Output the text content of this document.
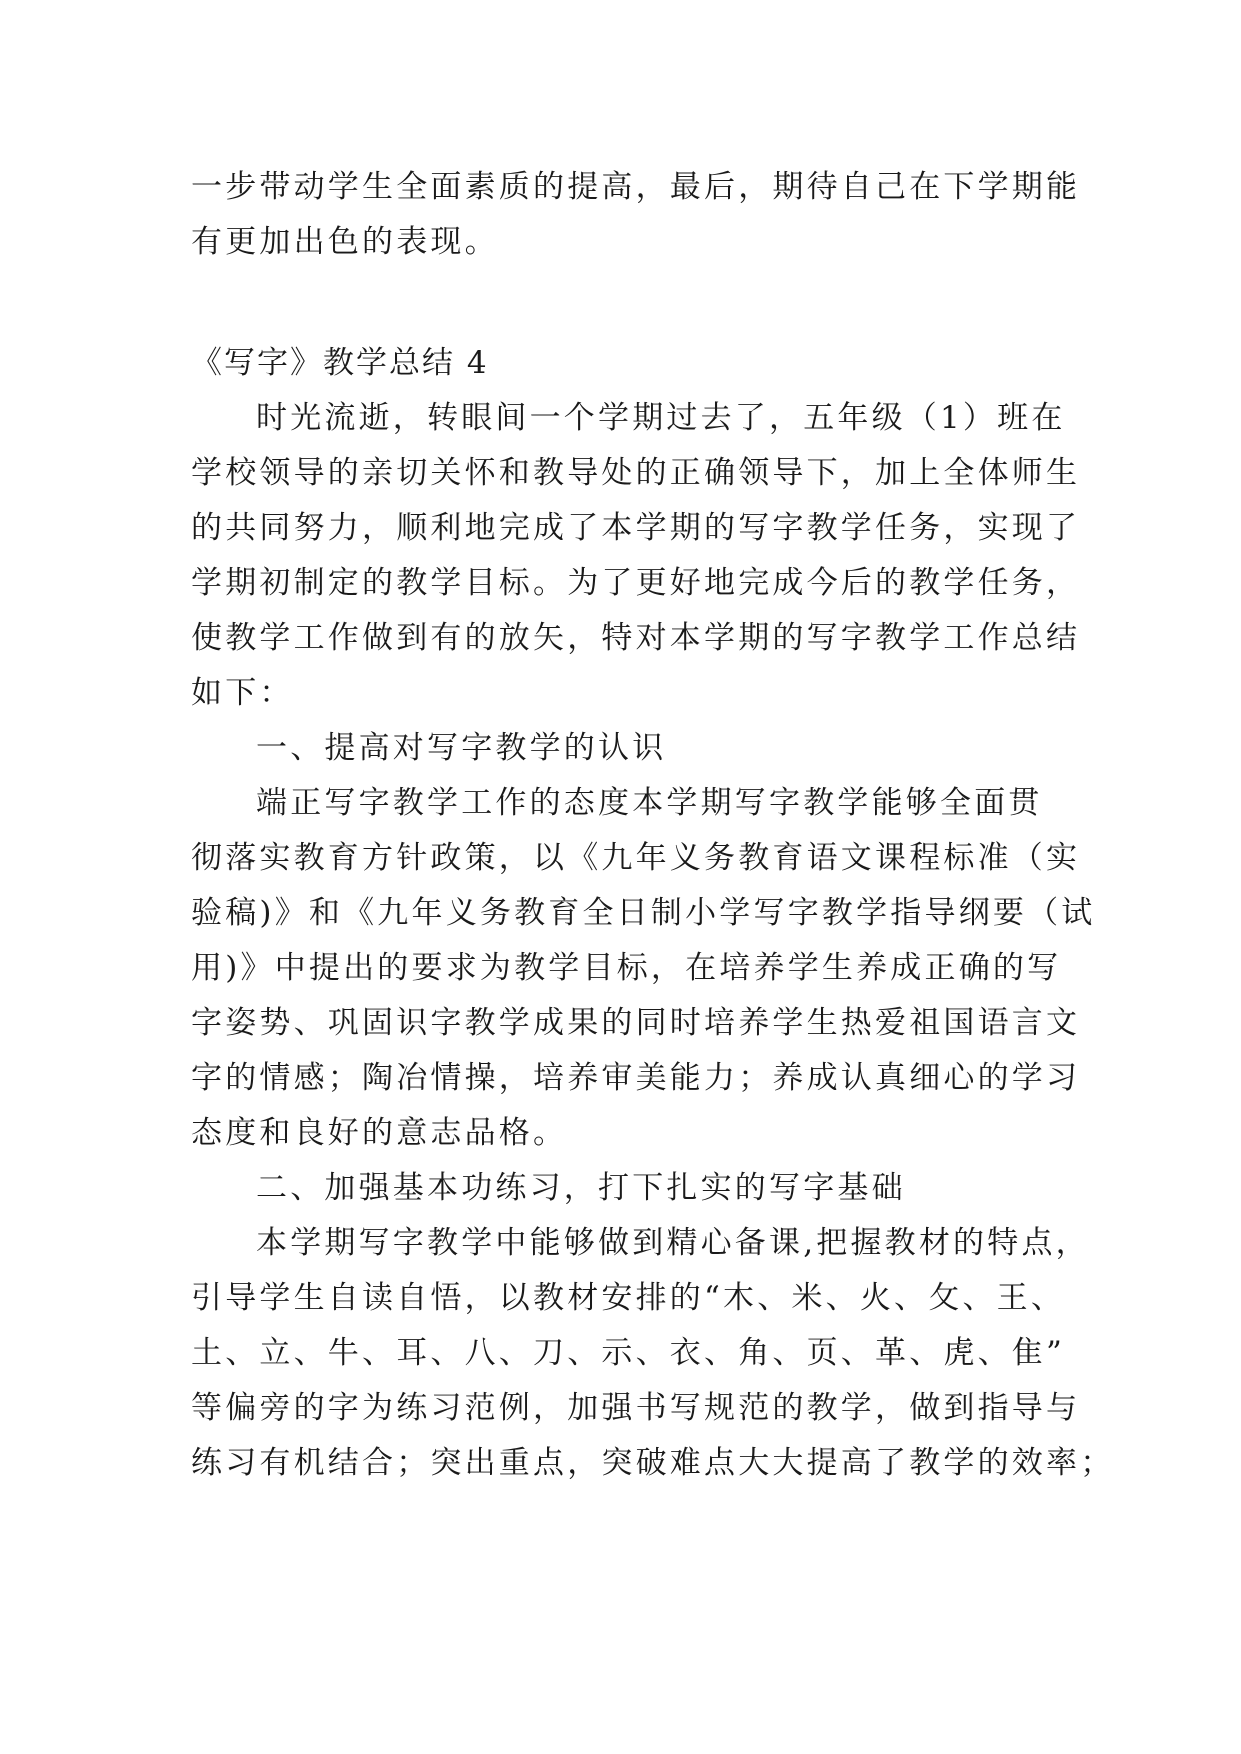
一步带动学生全面素质的提高，最后，期待自己在下学期能
有更加出色的表现。
《写字》教学总结 4
时光流逝，转眼间一个学期过去了，五年级（1）班在
学校领导的亲切关怀和教导处的正确领导下，加上全体师生
的共同努力，顺利地完成了本学期的写字教学任务，实现了
学期初制定的教学目标。为了更好地完成今后的教学任务，
使教学工作做到有的放矢，特对本学期的写字教学工作总结
如下：
一、提高对写字教学的认识
端正写字教学工作的态度本学期写字教学能够全面贯
彻落实教育方针政策，以《九年义务教育语文课程标准（实
验稿)》和《九年义务教育全日制小学写字教学指导纲要（试
用)》中提出的要求为教学目标，在培养学生养成正确的写
字姿势、巩固识字教学成果的同时培养学生热爱祖国语言文
字的情感；陶冶情操，培养审美能力；养成认真细心的学习
态度和良好的意志品格。
二、加强基本功练习，打下扎实的写字基础
本学期写字教学中能够做到精心备课,把握教材的特点，
引导学生自读自悟，以教材安排的“木、米、火、攵、王、
土、立、牛、耳、八、刀、示、衣、角、页、革、虎、隹”
等偏旁的字为练习范例，加强书写规范的教学，做到指导与
练习有机结合；突出重点，突破难点大大提高了教学的效率；
